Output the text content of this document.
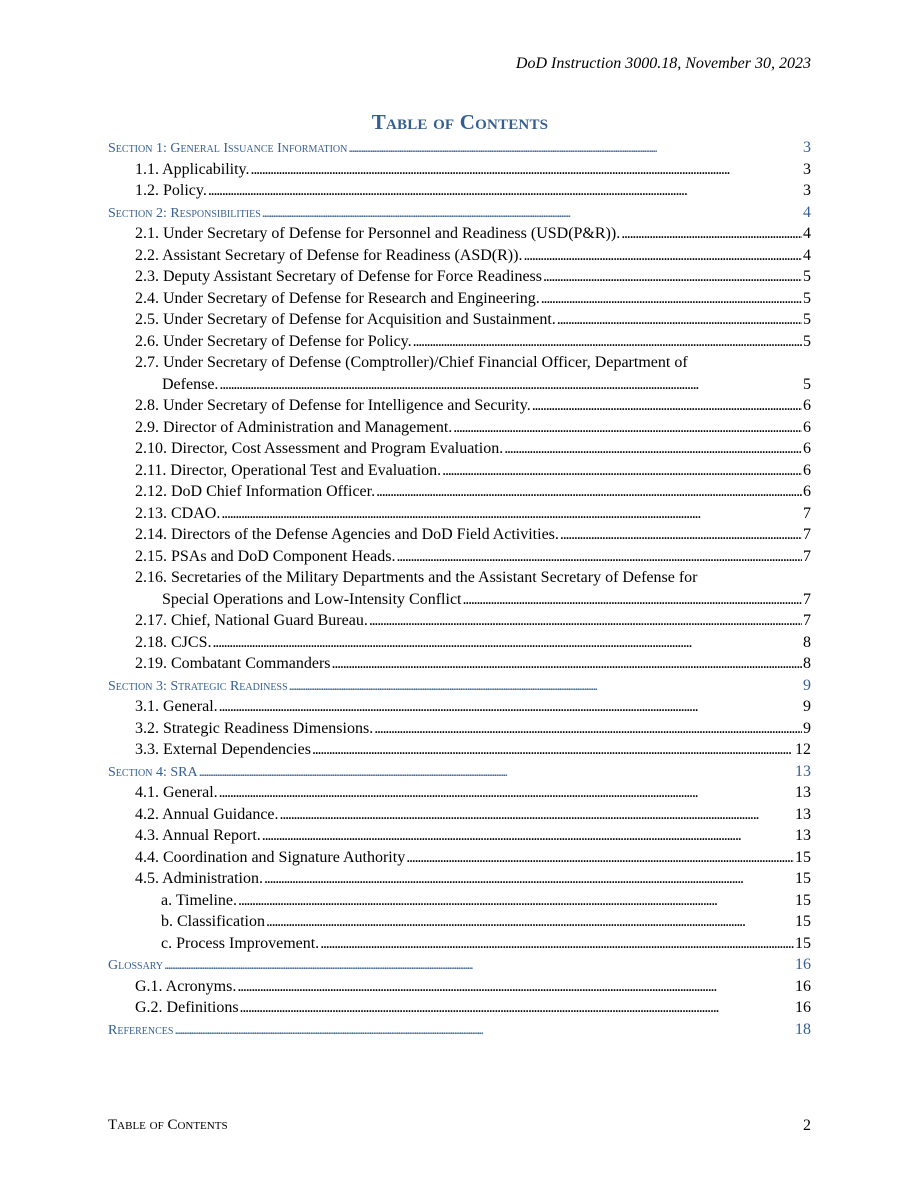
DoD Instruction 3000.18, November 30, 2023
Table of Contents
Section 1: General Issuance Information . . .	3
1.1. Applicability. . . .	3
1.2. Policy. . . .	3
Section 2: Responsibilities . . .	4
2.1. Under Secretary of Defense for Personnel and Readiness (USD(P&R)). . . .	4
2.2. Assistant Secretary of Defense for Readiness (ASD(R)). . . .	4
2.3. Deputy Assistant Secretary of Defense for Force Readiness . . .	5
2.4. Under Secretary of Defense for Research and Engineering. . . .	5
2.5. Under Secretary of Defense for Acquisition and Sustainment. . . .	5
2.6. Under Secretary of Defense for Policy. . . .	5
2.7. Under Secretary of Defense (Comptroller)/Chief Financial Officer, Department of
Defense. . . .	5
2.8. Under Secretary of Defense for Intelligence and Security. . . .	6
2.9. Director of Administration and Management. . . .	6
2.10. Director, Cost Assessment and Program Evaluation. . . .	6
2.11. Director, Operational Test and Evaluation. . . .	6
2.12. DoD Chief Information Officer. . . .	6
2.13. CDAO. . . .	7
2.14. Directors of the Defense Agencies and DoD Field Activities. . . .	7
2.15. PSAs and DoD Component Heads. . . .	7
2.16. Secretaries of the Military Departments and the Assistant Secretary of Defense for
Special Operations and Low-Intensity Conflict . . .	7
2.17. Chief, National Guard Bureau. . . .	7
2.18. CJCS. . . .	8
2.19. Combatant Commanders . . .	8
Section 3: Strategic Readiness . . .	9
3.1. General. . . .	9
3.2. Strategic Readiness Dimensions. . . .	9
3.3. External Dependencies . . .	12
Section 4: SRA . . .	13
4.1. General. . . .	13
4.2. Annual Guidance. . . .	13
4.3. Annual Report. . . .	13
4.4. Coordination and Signature Authority . . .	15
4.5. Administration. . . .	15
a. Timeline. . . .	15
b. Classification . . .	15
c. Process Improvement. . . .	15
Glossary . . .	16
G.1. Acronyms. . . .	16
G.2. Definitions . . .	16
References . . .	18
Table of Contents	2
